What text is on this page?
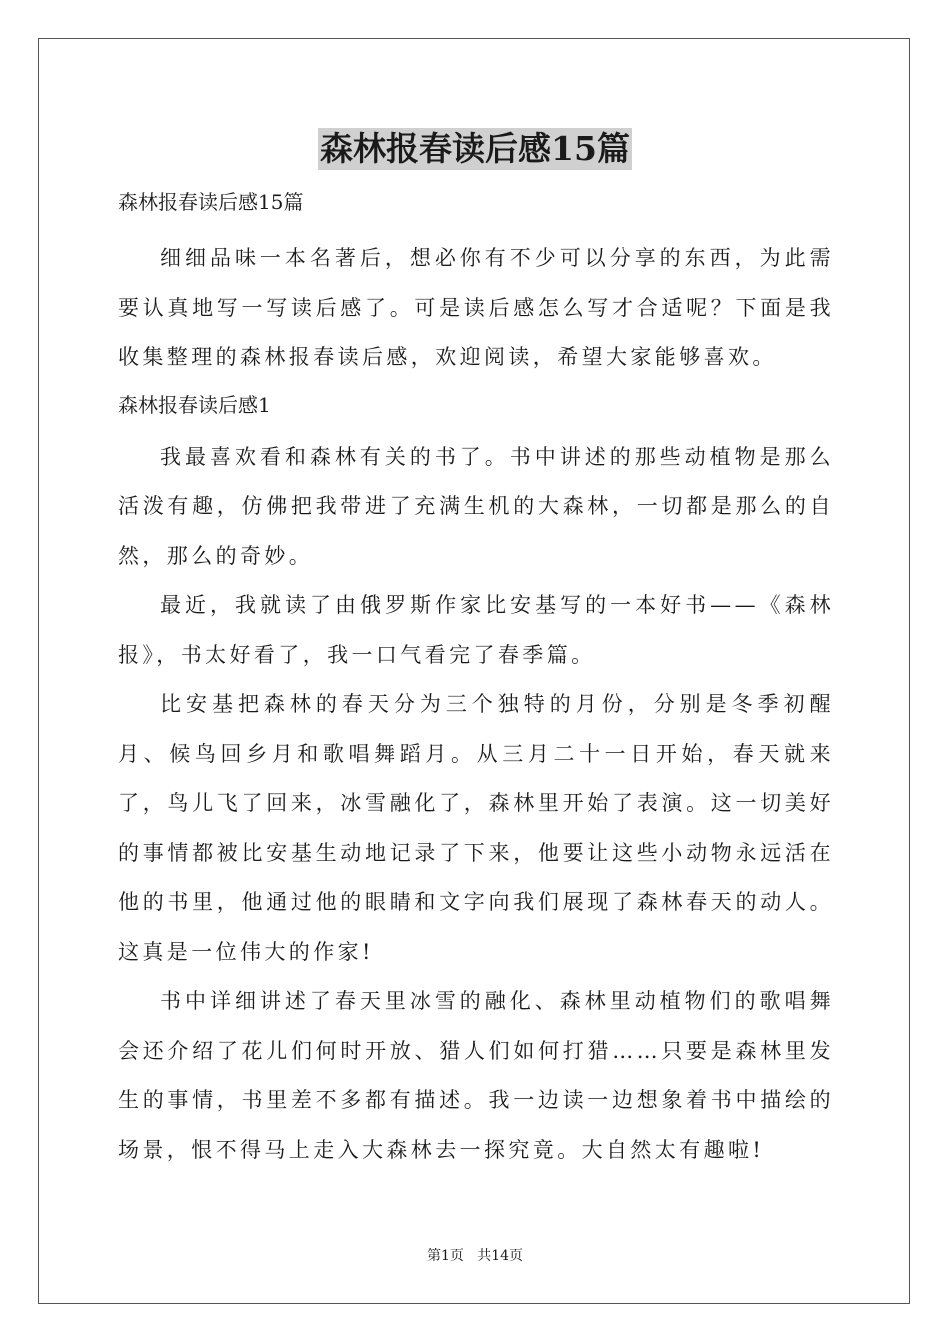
森林报春读后感15篇
森林报春读后感15篇

细细品味一本名著后，想必你有不少可以分享的东西，为此需要认真地写一写读后感了。可是读后感怎么写才合适呢？下面是我收集整理的森林报春读后感，欢迎阅读，希望大家能够喜欢。

森林报春读后感1

我最喜欢看和森林有关的书了。书中讲述的那些动植物是那么活泼有趣，仿佛把我带进了充满生机的大森林，一切都是那么的自然，那么的奇妙。

最近，我就读了由俄罗斯作家比安基写的一本好书——《森林报》，书太好看了，我一口气看完了春季篇。

比安基把森林的春天分为三个独特的月份，分别是冬季初醒月、候鸟回乡月和歌唱舞蹈月。从三月二十一日开始，春天就来了，鸟儿飞了回来，冰雪融化了，森林里开始了表演。这一切美好的事情都被比安基生动地记录了下来，他要让这些小动物永远活在他的书里，他通过他的眼睛和文字向我们展现了森林春天的动人。这真是一位伟大的作家!

书中详细讲述了春天里冰雪的融化、森林里动植物们的歌唱舞会还介绍了花儿们何时开放、猎人们如何打猎……只要是森林里发生的事情，书里差不多都有描述。我一边读一边想象着书中描绘的场景，恨不得马上走入大森林去一探究竟。大自然太有趣啦!

第1页   共14页
